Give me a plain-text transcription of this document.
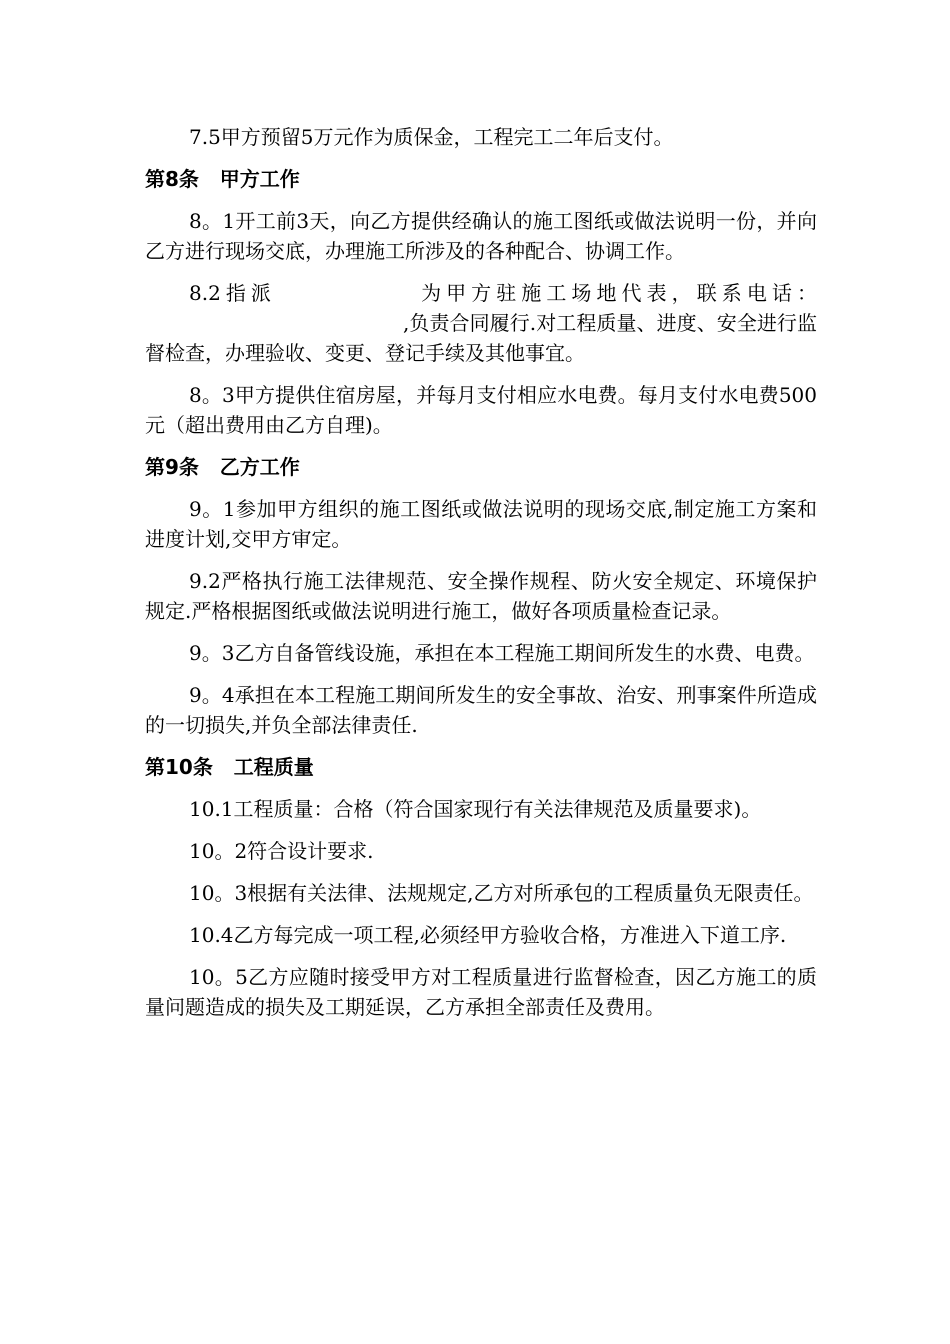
7.5甲方预留5万元作为质保金，工程完工二年后支付。

第8条   甲方工作

8。1开工前3天，向乙方提供经确认的施工图纸或做法说明一份，并向乙方进行现场交底，办理施工所涉及的各种配合、协调工作。

8.2指派	为甲方驻施工场地代表，联系电话：,负责合同履行.对工程质量、进度、安全进行监督检查，办理验收、变更、登记手续及其他事宜。

8。3甲方提供住宿房屋，并每月支付相应水电费。每月支付水电费500元（超出费用由乙方自理)。

第9条   乙方工作

9。1参加甲方组织的施工图纸或做法说明的现场交底,制定施工方案和进度计划,交甲方审定。

9.2严格执行施工法律规范、安全操作规程、防火安全规定、环境保护规定.严格根据图纸或做法说明进行施工，做好各项质量检查记录。

9。3乙方自备管线设施，承担在本工程施工期间所发生的水费、电费。

9。4承担在本工程施工期间所发生的安全事故、治安、刑事案件所造成的一切损失,并负全部法律责任.

第10条   工程质量

10.1工程质量：合格（符合国家现行有关法律规范及质量要求)。

10。2符合设计要求.

10。3根据有关法律、法规规定,乙方对所承包的工程质量负无限责任。

10.4乙方每完成一项工程,必须经甲方验收合格，方准进入下道工序.

10。5乙方应随时接受甲方对工程质量进行监督检查，因乙方施工的质量问题造成的损失及工期延误，乙方承担全部责任及费用。
